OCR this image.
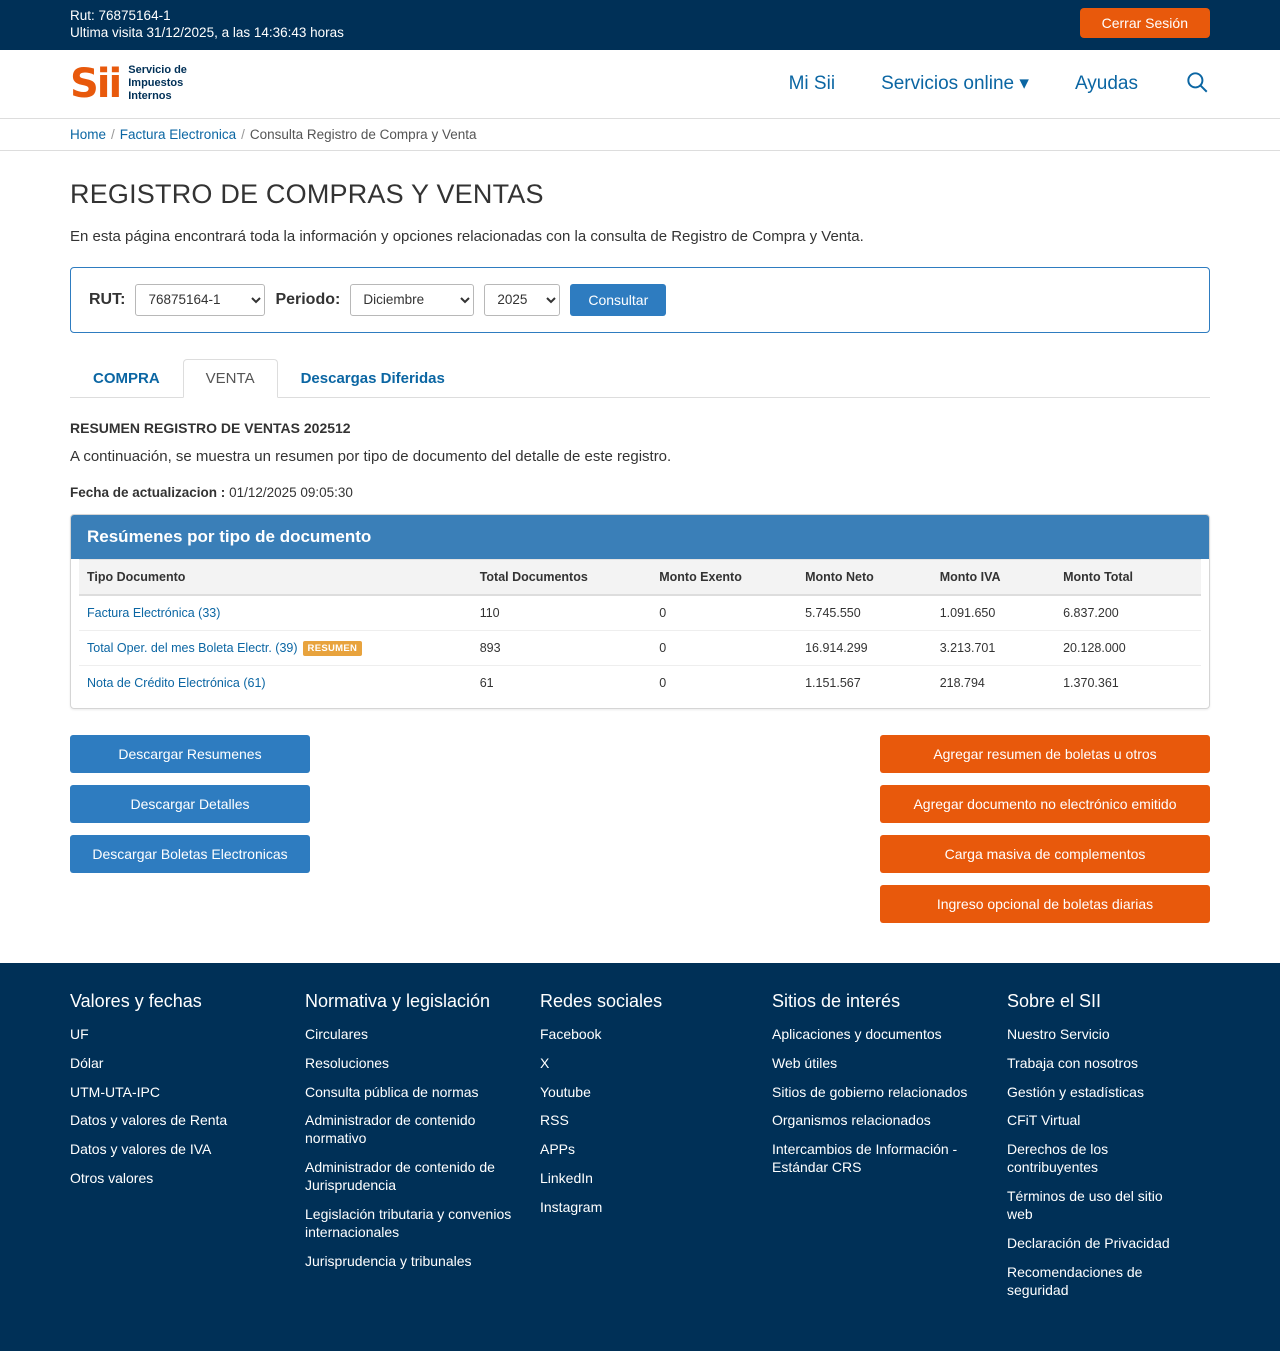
Rut: 76875164-1
Ultima visita 31/12/2025, a las 14:36:43 horas
Cerrar Sesión
Sii Servicio de
Impuestos
Internos
Mi Sii Servicios online ▾ Ayudas
Home / Factura Electronica / Consulta Registro de Compra y Venta
REGISTRO DE COMPRAS Y VENTAS

En esta página encontrará toda la información y opciones relacionadas con la consulta de Registro de Compra y Venta.

RUT:
76875164-1	Periodo:
Diciembre
2025	Consultar
COMPRA	VENTA	Descargas Diferidas
RESUMEN REGISTRO DE VENTAS 202512

A continuación, se muestra un resumen por tipo de documento del detalle de este registro.

Fecha de actualizacion : 01/12/2025 09:05:30

Resúmenes por tipo de documento
Tipo Documento	Total Documentos	Monto Exento	Monto Neto	Monto IVA	Monto Total
Factura Electrónica (33)	110	0	5.745.550	1.091.650	6.837.200
Total Oper. del mes Boleta Electr. (39) RESUMEN	893	0	16.914.299	3.213.701	20.128.000
Nota de Crédito Electrónica (61)	61	0	1.151.567	218.794	1.370.361
Descargar Resumenes
Descargar Detalles
Descargar Boletas Electronicas
Agregar resumen de boletas u otros
Agregar documento no electrónico emitido
Carga masiva de complementos
Ingreso opcional de boletas diarias
Valores y fechas
UF
Dólar
UTM-UTA-IPC
Datos y valores de Renta
Datos y valores de IVA
Otros valores
Normativa y legislación
Circulares
Resoluciones
Consulta pública de normas
Administrador de contenido normativo
Administrador de contenido de Jurisprudencia
Legislación tributaria y convenios internacionales
Jurisprudencia y tribunales
Redes sociales
Facebook
X
Youtube
RSS
APPs
LinkedIn
Instagram
Sitios de interés
Aplicaciones y documentos
Web útiles
Sitios de gobierno relacionados
Organismos relacionados
Intercambios de Información - Estándar CRS
Sobre el SII
Nuestro Servicio
Trabaja con nosotros
Gestión y estadísticas
CFiT Virtual
Derechos de los contribuyentes
Términos de uso del sitio web
Declaración de Privacidad
Recomendaciones de seguridad
